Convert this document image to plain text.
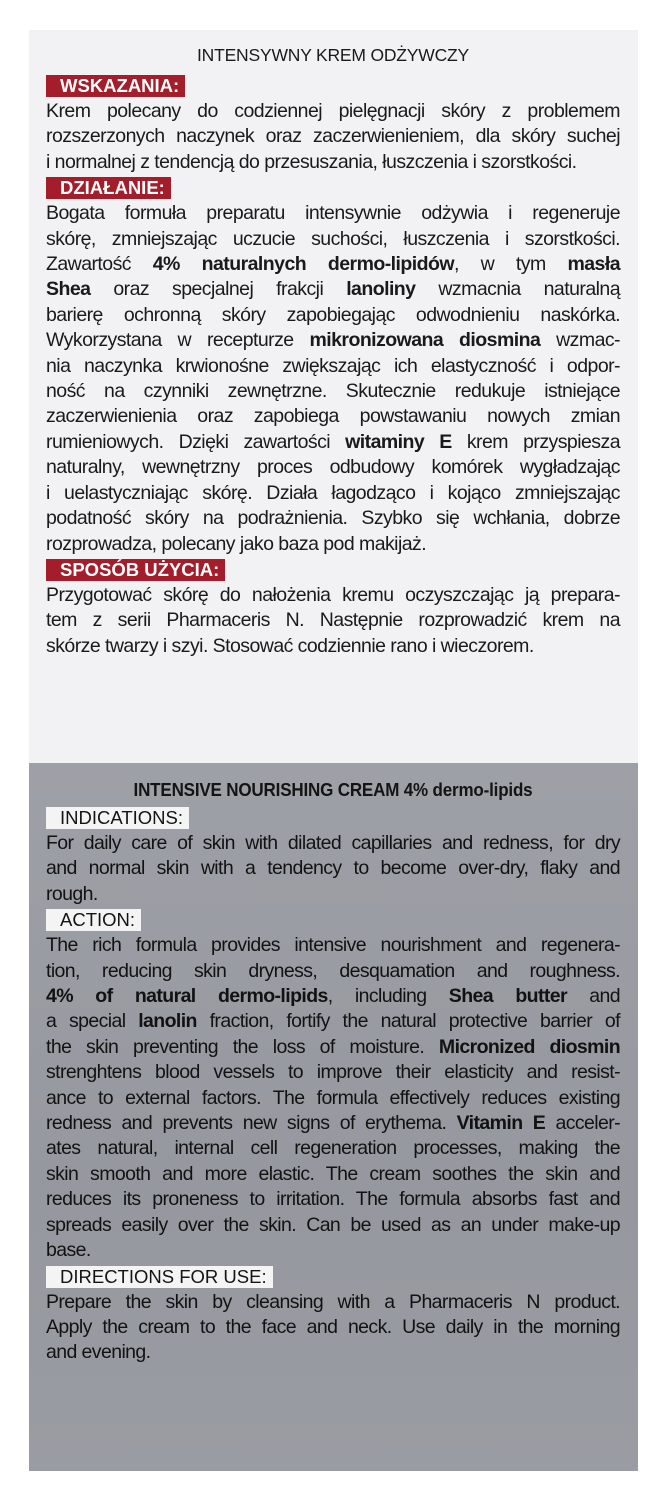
INTENSYWNY KREM ODŻYWCZY
WSKAZANIA:
Krem polecany do codziennej pielęgnacji skóry z problemem
rozszerzonych naczynek oraz zaczerwienieniem, dla skóry suchej
i normalnej z tendencją do przesuszania, łuszczenia i szorstkości.
DZIAŁANIE:
Bogata formuła preparatu intensywnie odżywia i regeneruje
skórę, zmniejszając uczucie suchości, łuszczenia i szorstkości.
Zawartość 4% naturalnych dermo-lipidów, w tym masła
Shea oraz specjalnej frakcji lanoliny wzmacnia naturalną
barierę ochronną skóry zapobiegając odwodnieniu naskórka.
Wykorzystana w recepturze mikronizowana diosmina wzmac-
nia naczynka krwionośne zwiększając ich elastyczność i odpor-
ność na czynniki zewnętrzne. Skutecznie redukuje istniejące
zaczerwienienia oraz zapobiega powstawaniu nowych zmian
rumieniowych. Dzięki zawartości witaminy E krem przyspiesza
naturalny, wewnętrzny proces odbudowy komórek wygładzając
i uelastyczniając skórę. Działa łagodząco i kojąco zmniejszając
podatność skóry na podrażnienia. Szybko się wchłania, dobrze
rozprowadza, polecany jako baza pod makijaż.
SPOSÓB UŻYCIA:
Przygotować skórę do nałożenia kremu oczyszczając ją prepara-
tem z serii Pharmaceris N. Następnie rozprowadzić krem na
skórze twarzy i szyi. Stosować codziennie rano i wieczorem.
INTENSIVE NOURISHING CREAM 4% dermo-lipids
INDICATIONS:
For daily care of skin with dilated capillaries and redness, for dry
and normal skin with a tendency to become over-dry, flaky and
rough.
ACTION:
The rich formula provides intensive nourishment and regenera-
tion, reducing skin dryness, desquamation and roughness.
4% of natural dermo-lipids, including Shea butter and
a special lanolin fraction, fortify the natural protective barrier of
the skin preventing the loss of moisture. Micronized diosmin
strenghtens blood vessels to improve their elasticity and resist-
ance to external factors. The formula effectively reduces existing
redness and prevents new signs of erythema. Vitamin E acceler-
ates natural, internal cell regeneration processes, making the
skin smooth and more elastic. The cream soothes the skin and
reduces its proneness to irritation. The formula absorbs fast and
spreads easily over the skin. Can be used as an under make-up
base.
DIRECTIONS FOR USE:
Prepare the skin by cleansing with a Pharmaceris N product.
Apply the cream to the face and neck. Use daily in the morning
and evening.
